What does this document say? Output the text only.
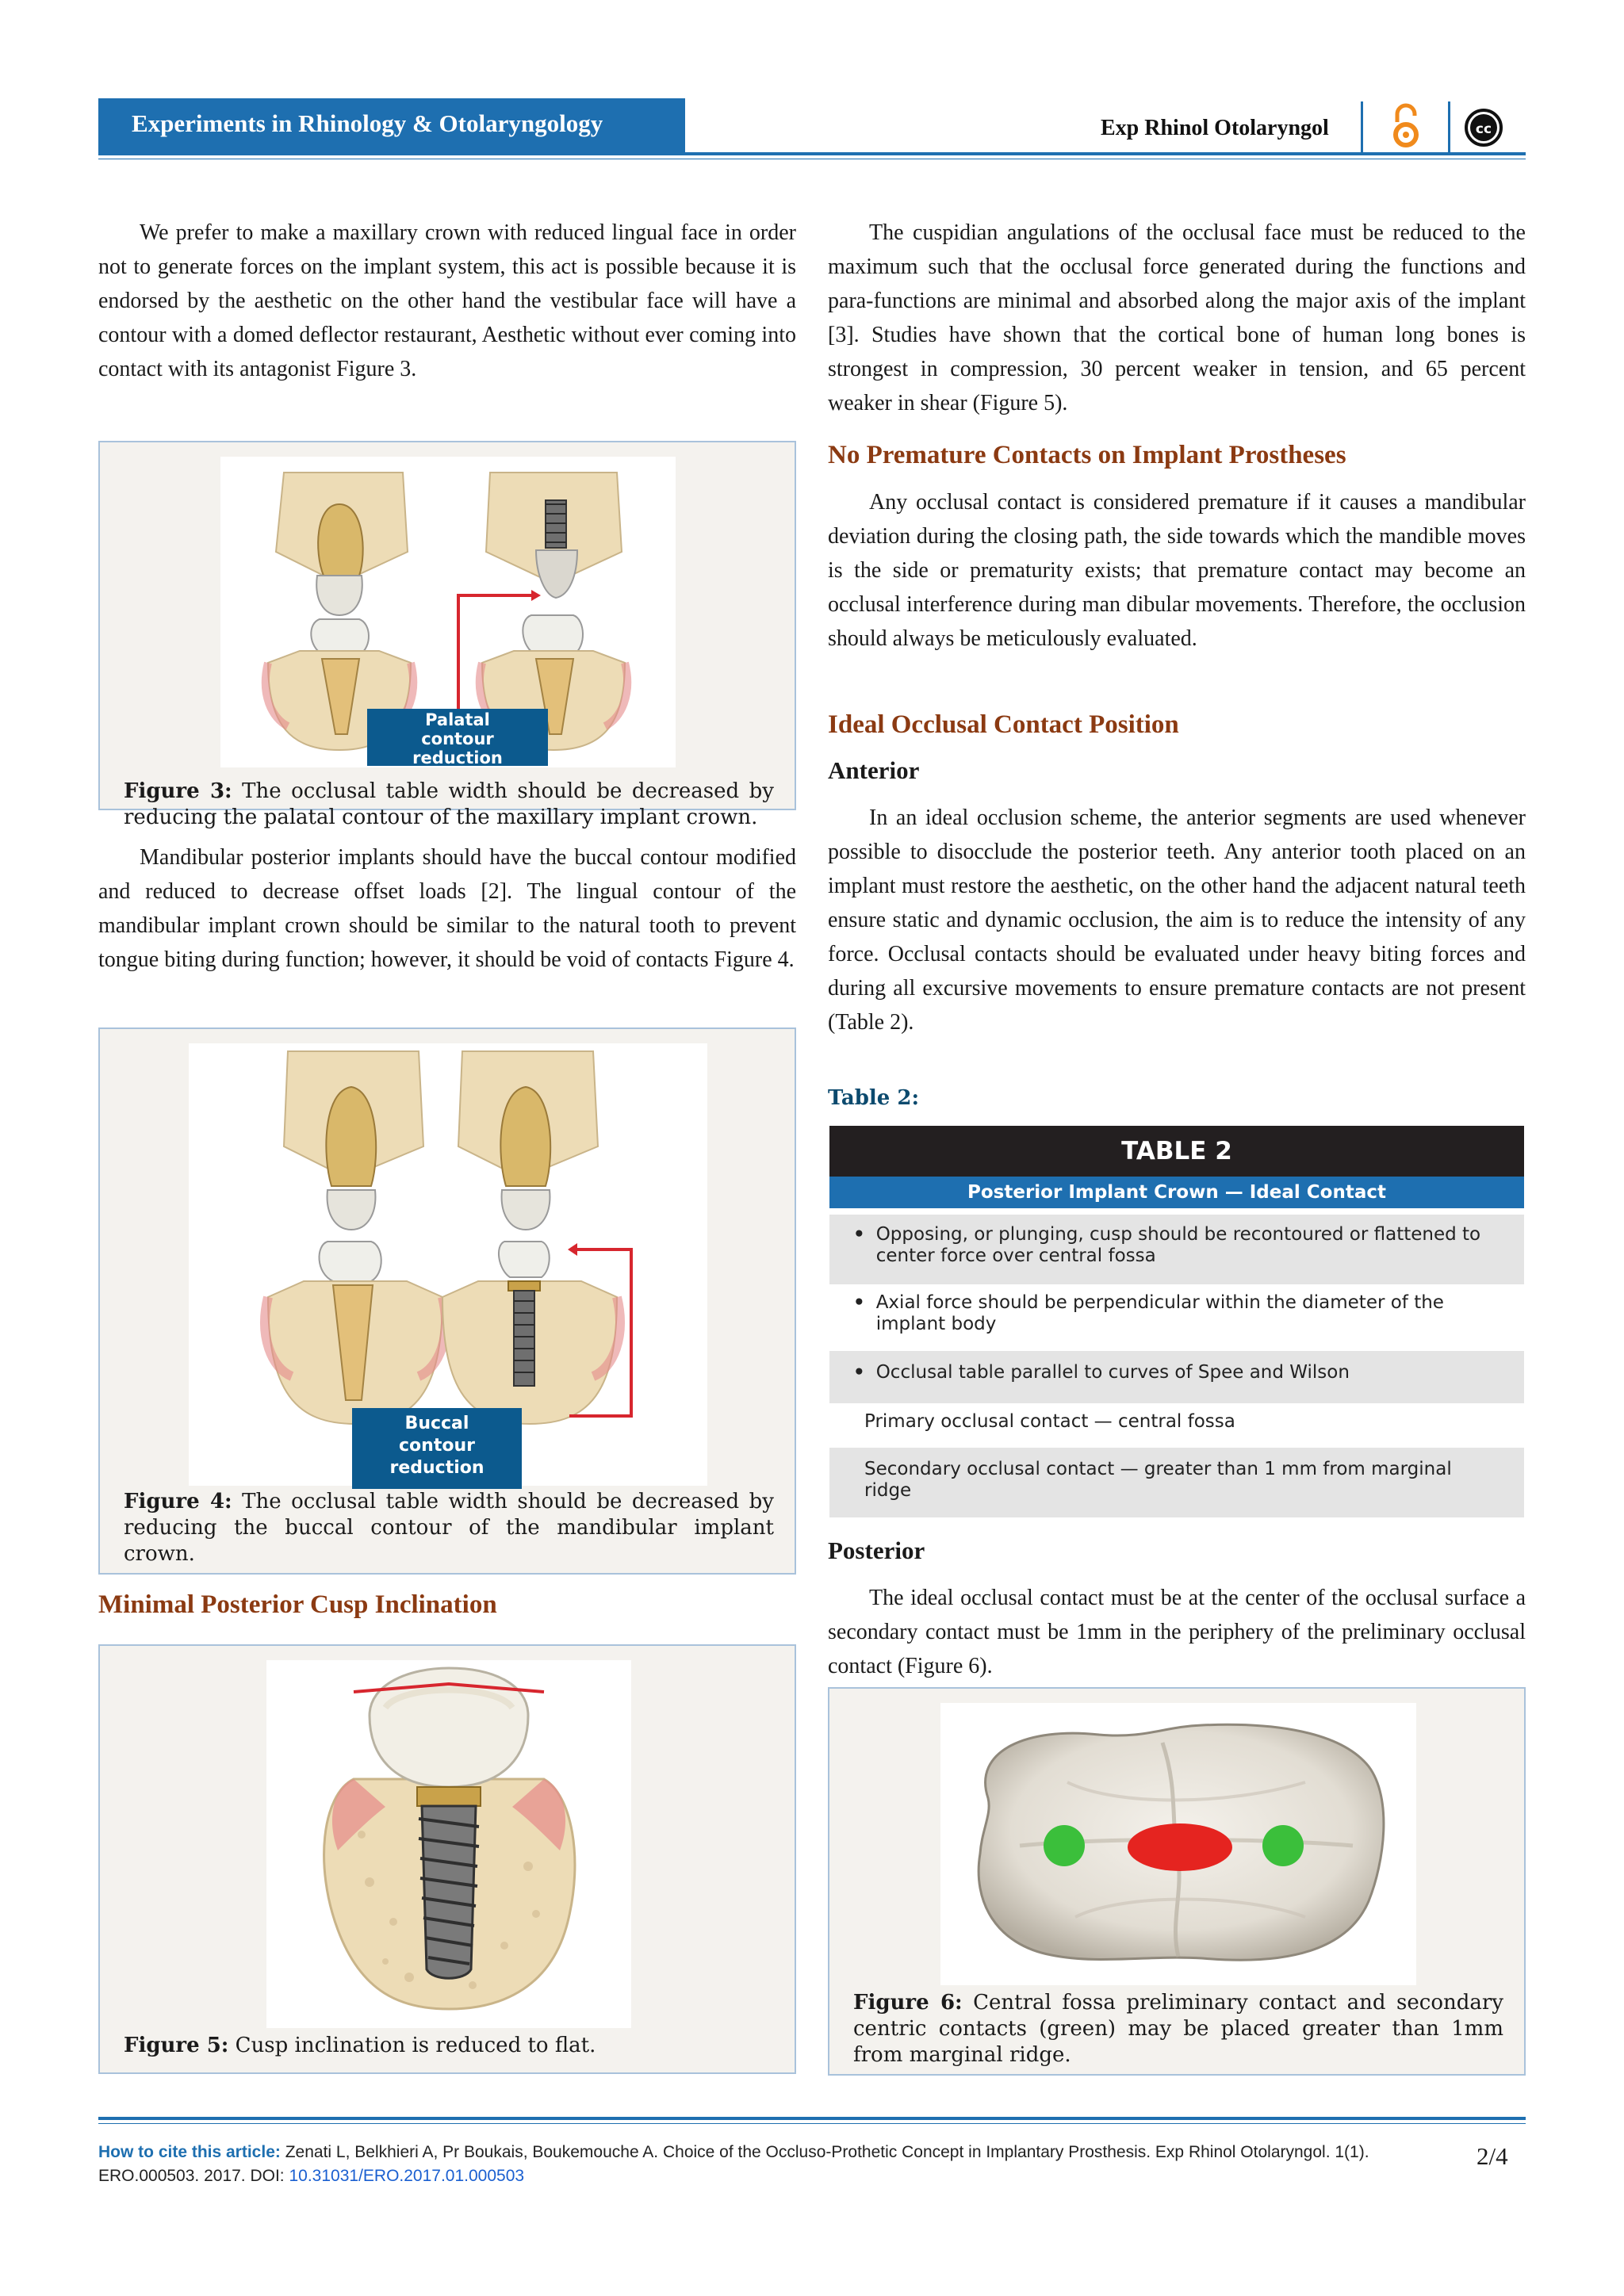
Experiments in Rhinology & Otolaryngology	Exp Rhinol Otolaryngol	cc

We prefer to make a maxillary crown with reduced lingual face in order not to generate forces on the implant system, this act is possible because it is endorsed by the aesthetic on the other hand the vestibular face will have a contour with a domed deflector restaurant, Aesthetic without ever coming into contact with its antagonist Figure 3.

Palatal
contour
reduction
Figure 3: The occlusal table width should be decreased by reducing the palatal contour of the maxillary implant crown.

Mandibular posterior implants should have the buccal contour modified and reduced to decrease offset loads [2]. The lingual contour of the mandibular implant crown should be similar to the natural tooth to prevent tongue biting during function; however, it should be void of contacts Figure 4.

Buccal
contour
reduction
Figure 4: The occlusal table width should be decreased by reducing the buccal contour of the mandibular implant crown.
Minimal Posterior Cusp Inclination
Figure 5: Cusp inclination is reduced to flat.

The cuspidian angulations of the occlusal face must be reduced to the maximum such that the occlusal force generated during the functions and para-functions are minimal and absorbed along the major axis of the implant [3]. Studies have shown that the cortical bone of human long bones is strongest in compression, 30 percent weaker in tension, and 65 percent weaker in shear (Figure 5).

No Premature Contacts on Implant Prostheses

Any occlusal contact is considered premature if it causes a mandibular deviation during the closing path, the side towards which the mandible moves is the side or prematurity exists; that premature contact may become an occlusal interference during man dibular movements. Therefore, the occlusion should always be meticulously evaluated.

Ideal Occlusal Contact Position
Anterior

In an ideal occlusion scheme, the anterior segments are used whenever possible to disocclude the posterior teeth. Any anterior tooth placed on an implant must restore the aesthetic, on the other hand the adjacent natural teeth ensure static and dynamic occlusion, the aim is to reduce the intensity of any force. Occlusal contacts should be evaluated under heavy biting forces and during all excursive movements to ensure premature contacts are not present (Table 2).

Table 2:
TABLE 2
Posterior Implant Crown — Ideal Contact
• Opposing, or plunging, cusp should be recontoured or flattened to center force over central fossa
• Axial force should be perpendicular within the diameter of the implant body
• Occlusal table parallel to curves of Spee and Wilson
Primary occlusal contact — central fossa
Secondary occlusal contact — greater than 1 mm from marginal ridge
Posterior

The ideal occlusal contact must be at the center of the occlusal surface a secondary contact must be 1mm in the periphery of the preliminary occlusal contact (Figure 6).

Figure 6: Central fossa preliminary contact and secondary centric contacts (green) may be placed greater than 1mm from marginal ridge.
How to cite this article: Zenati L, Belkhieri A, Pr Boukais, Boukemouche A. Choice of the Occluso-Prothetic Concept in Implantary Prosthesis. Exp Rhinol Otolaryngol. 1(1). ERO.000503. 2017. DOI: 10.31031/ERO.2017.01.000503
2/4
